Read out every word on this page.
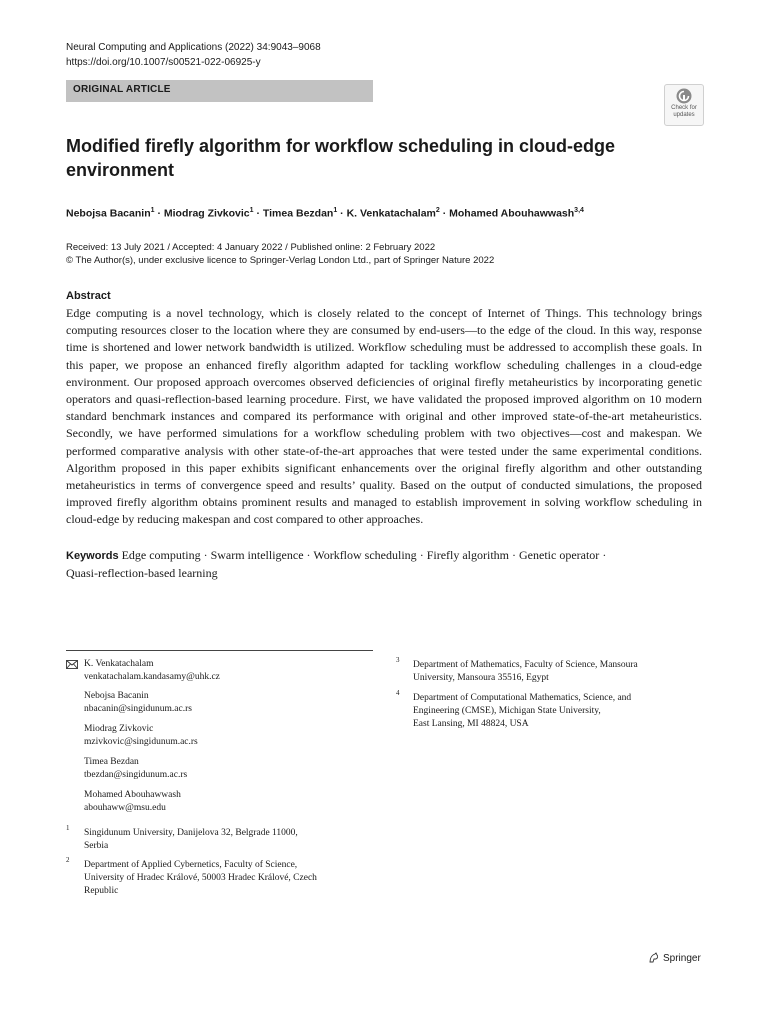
Neural Computing and Applications (2022) 34:9043–9068
https://doi.org/10.1007/s00521-022-06925-y
ORIGINAL ARTICLE
Check for
updates
Modified firefly algorithm for workflow scheduling in cloud-edge environment
Nebojsa Bacanin$^1$ · Miodrag Zivkovic$^1$ · Timea Bezdan$^1$ · K. Venkatachalam$^2$ · Mohamed Abouhawwash$^{3,4}$
Received: 13 July 2021 / Accepted: 4 January 2022 / Published online: 2 February 2022
© The Author(s), under exclusive licence to Springer-Verlag London Ltd., part of Springer Nature 2022
Abstract
Edge computing is a novel technology, which is closely related to the concept of Internet of Things. This technology brings computing resources closer to the location where they are consumed by end-users—to the edge of the cloud. In this way, response time is shortened and lower network bandwidth is utilized. Workflow scheduling must be addressed to accomplish these goals. In this paper, we propose an enhanced firefly algorithm adapted for tackling workflow scheduling challenges in a cloud-edge environment. Our proposed approach overcomes observed deficiencies of original firefly metaheuristics by incorporating genetic operators and quasi-reflection-based learning procedure. First, we have validated the proposed improved algorithm on 10 modern standard benchmark instances and compared its performance with original and other improved state-of-the-art metaheuristics. Secondly, we have performed simulations for a workflow scheduling problem with two objectives—cost and makespan. We performed comparative analysis with other state-of-the-art approaches that were tested under the same experimental conditions. Algorithm proposed in this paper exhibits significant enhancements over the original firefly algorithm and other outstanding metaheuristics in terms of convergence speed and results’ quality. Based on the output of conducted simulations, the proposed improved firefly algorithm obtains prominent results and managed to establish improvement in solving workflow scheduling in cloud-edge by reducing makespan and cost compared to other approaches.
Keywords Edge computing · Swarm intelligence · Workflow scheduling · Firefly algorithm · Genetic operator ·
Quasi-reflection-based learning
K. Venkatachalam
venkatachalam.kandasamy@uhk.cz
Nebojsa Bacanin
nbacanin@singidunum.ac.rs
Miodrag Zivkovic
mzivkovic@singidunum.ac.rs
Timea Bezdan
tbezdan@singidunum.ac.rs
Mohamed Abouhawwash
abouhaww@msu.edu
1 Singidunum University, Danijelova 32, Belgrade 11000,
Serbia
2 Department of Applied Cybernetics, Faculty of Science,
University of Hradec Králové, 50003 Hradec Králové, Czech
Republic
3 Department of Mathematics, Faculty of Science, Mansoura
University, Mansoura 35516, Egypt
4 Department of Computational Mathematics, Science, and
Engineering (CMSE), Michigan State University,
East Lansing, MI 48824, USA
Springer
